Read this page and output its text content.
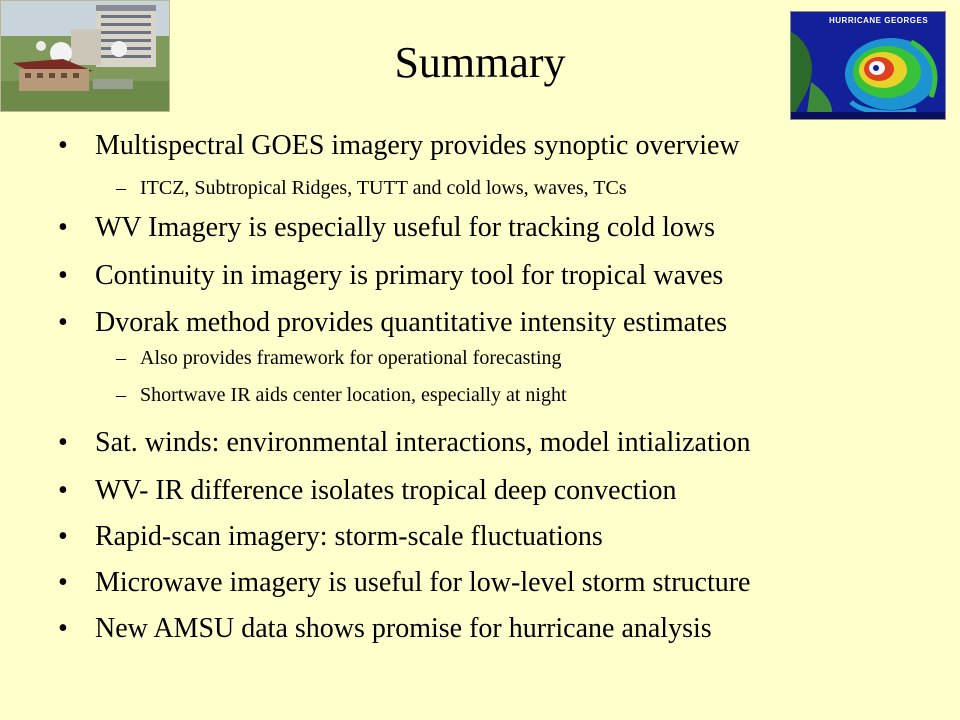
HURRICANE GEORGES
Summary
• Multispectral GOES imagery provides synoptic overview
– ITCZ, Subtropical Ridges, TUTT and cold lows, waves, TCs
• WV Imagery is especially useful for tracking cold lows
• Continuity in imagery is primary tool for tropical waves
• Dvorak method provides quantitative intensity estimates
– Also provides framework for operational forecasting
– Shortwave IR aids center location, especially at night
• Sat. winds: environmental interactions, model intialization
• WV- IR difference isolates tropical deep convection
• Rapid-scan imagery: storm-scale fluctuations
• Microwave imagery is useful for low-level storm structure
• New AMSU data shows promise for hurricane analysis
